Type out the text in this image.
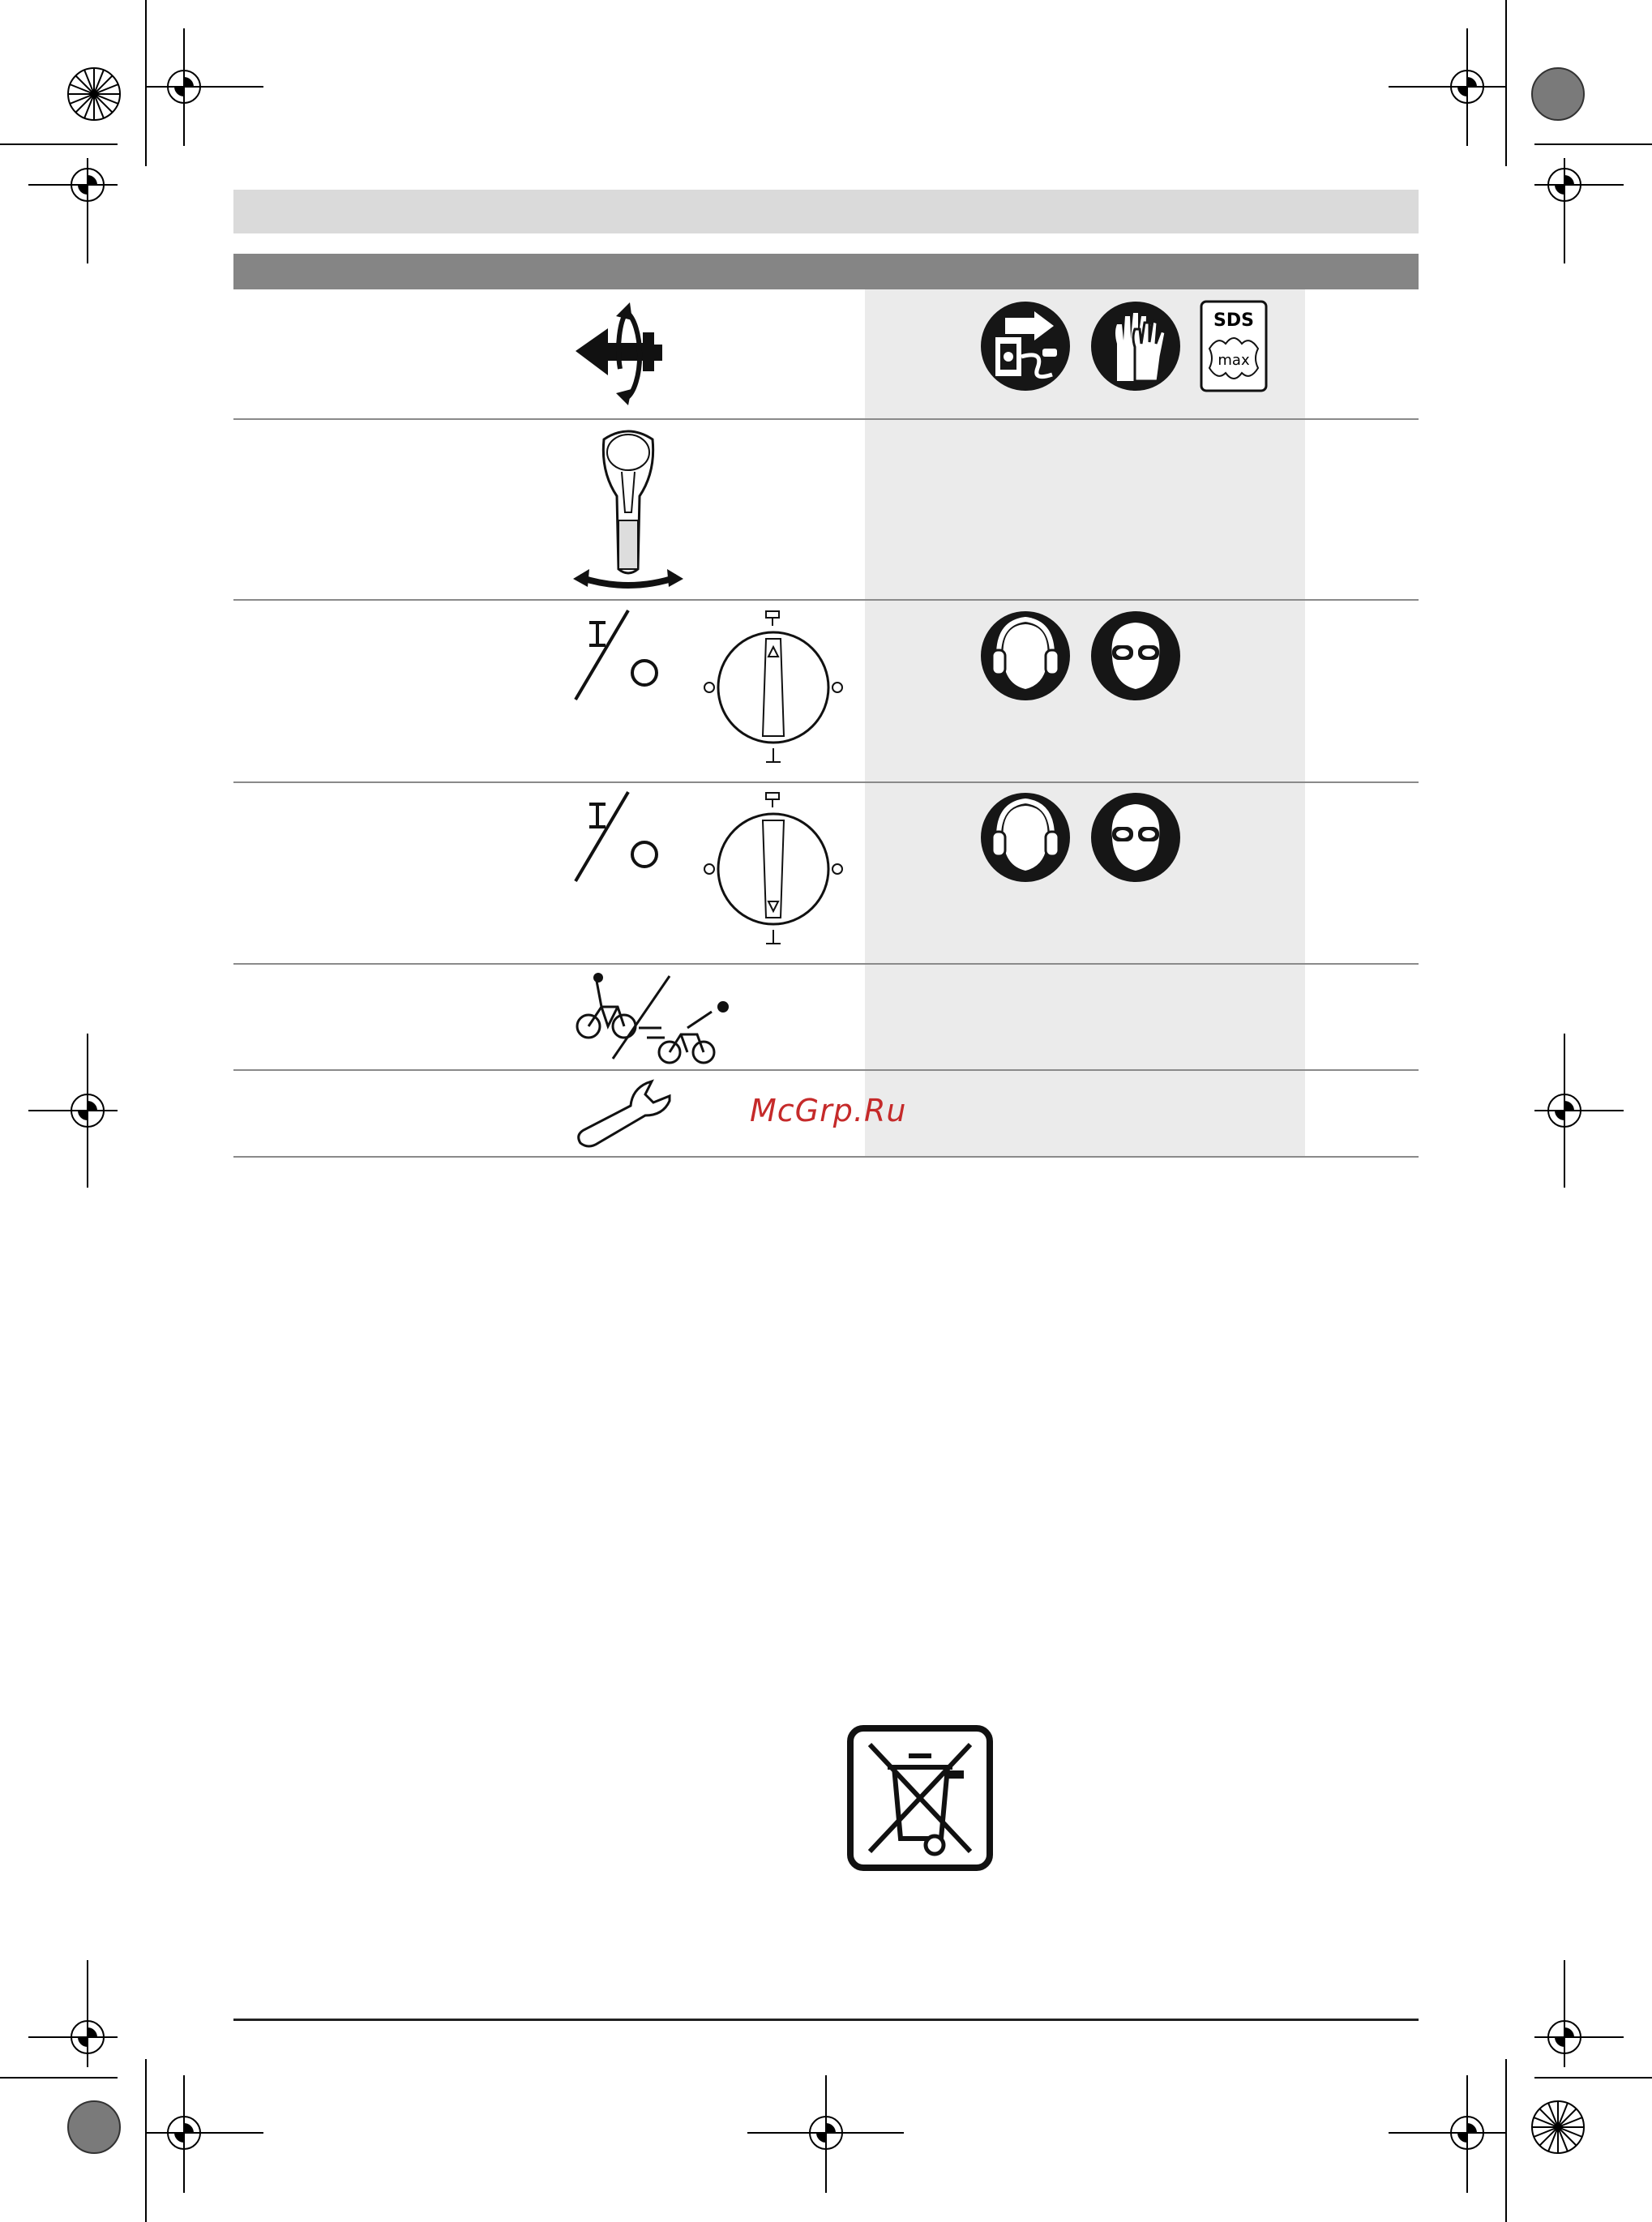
SDS
max
McGrp.Ru
